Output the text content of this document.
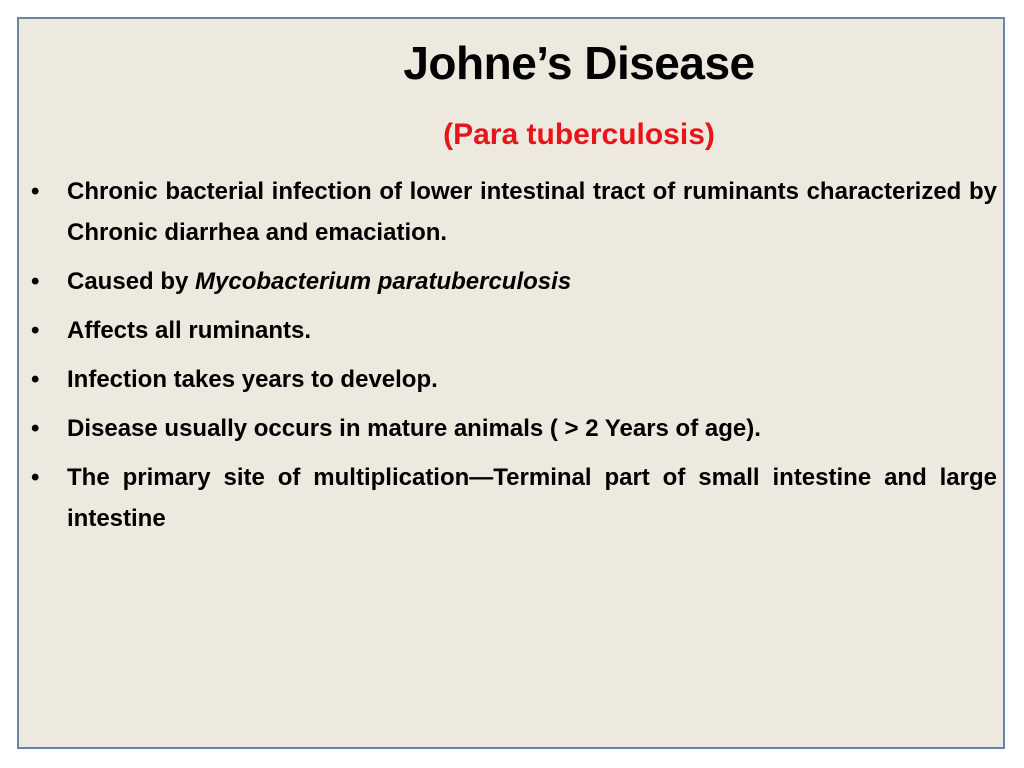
Johne’s Disease
(Para tuberculosis)
• Chronic bacterial infection of lower intestinal tract of ruminants characterized by Chronic diarrhea and emaciation.
• Caused by Mycobacterium paratuberculosis
• Affects all ruminants.
• Infection takes years to develop.
• Disease usually occurs in mature animals ( > 2 Years of age).
• The primary site of multiplication—Terminal part of small intestine and large intestine
